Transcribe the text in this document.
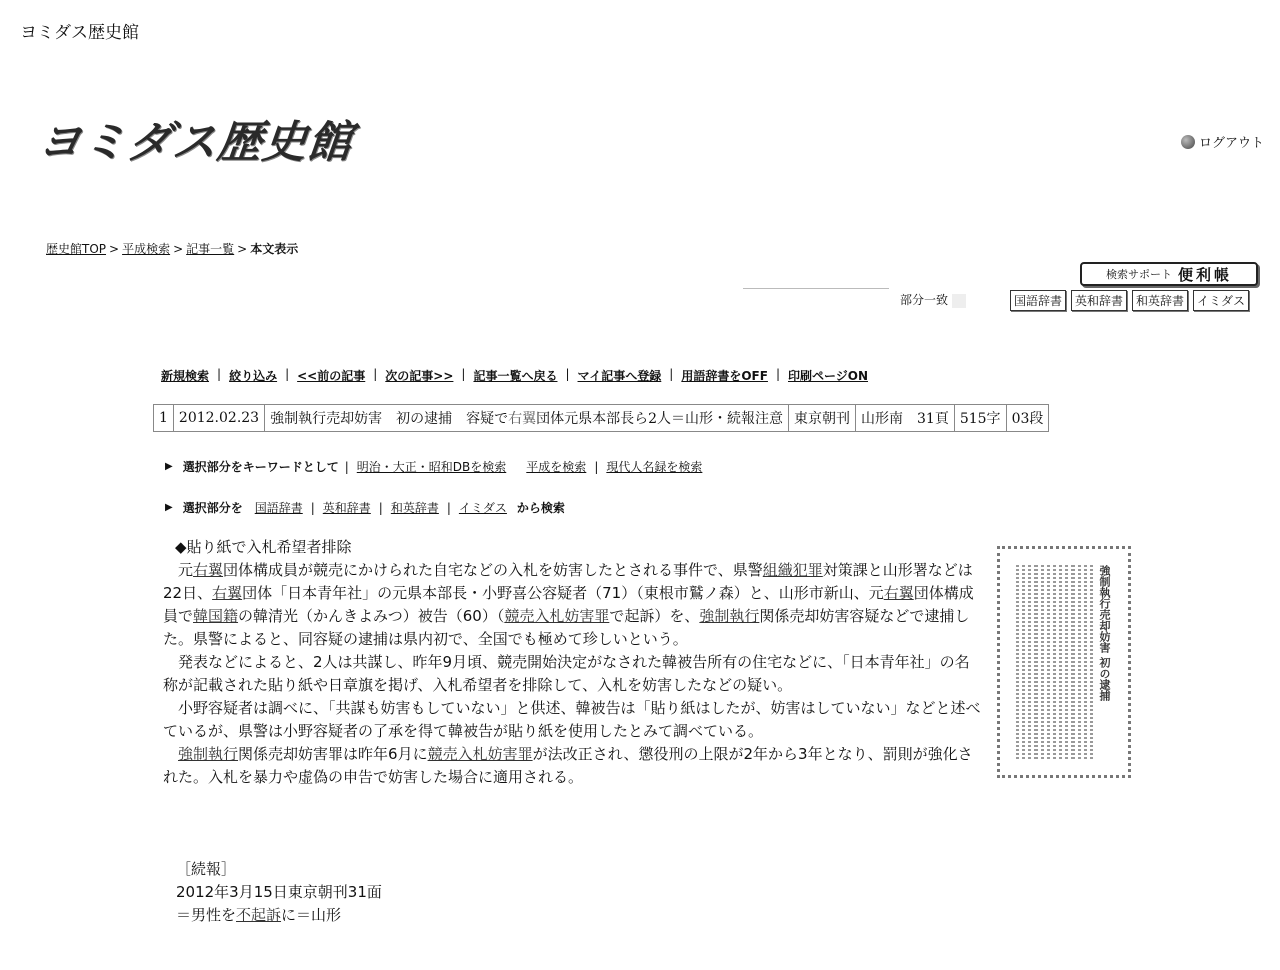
ヨミダス歴史館
ヨミダス歴史館	ログアウト
歴史館TOP > 平成検索 > 記事一覧 > 本文表示
検索サポート 便利帳
部分一致	国語辞書	英和辞書	和英辞書	イミダス
新規検索 | 絞り込み | <<前の記事 | 次の記事>> | 記事一覧へ戻る | マイ記事へ登録 | 用語辞書をOFF | 印刷ページON
1	2012.02.23	強制執行売却妨害　初の逮捕　容疑で右翼団体元県本部長ら2人＝山形・続報注意	東京朝刊	山形南　 31頁	515字	03段
▶ 選択部分をキーワードとして | 明治・大正・昭和DBを検索 平成を検索 | 現代人名録を検索
▶ 選択部分を 国語辞書 | 英和辞書 | 和英辞書 | イミダス から検索

◆貼り紙で入札希望者排除

　元右翼団体構成員が競売にかけられた自宅などの入札を妨害したとされる事件で、県警組織犯罪対策課と山形署などは22日、右翼団体「日本青年社」の元県本部長・小野喜公容疑者（71）（東根市鷲ノ森）と、山形市新山、元右翼団体構成員で韓国籍の韓清光（かんきよみつ）被告（60）（競売入札妨害罪で起訴）を、強制執行関係売却妨害容疑などで逮捕した。県警によると、同容疑の逮捕は県内初で、全国でも極めて珍しいという。

　発表などによると、2人は共謀し、昨年9月頃、競売開始決定がなされた韓被告所有の住宅などに、「日本青年社」の名称が記載された貼り紙や日章旗を掲げ、入札希望者を排除して、入札を妨害したなどの疑い。

　小野容疑者は調べに、「共謀も妨害もしていない」と供述、韓被告は「貼り紙はしたが、妨害はしていない」などと述べているが、県警は小野容疑者の了承を得て韓被告が貼り紙を使用したとみて調べている。

　強制執行関係売却妨害罪は昨年6月に競売入札妨害罪が法改正され、懲役刑の上限が2年から3年となり、罰則が強化された。入札を暴力や虚偽の申告で妨害した場合に適用される。

強制執行売却妨害 初の逮捕
［続報］
2012年3月15日東京朝刊31面
＝男性を不起訴に＝山形
